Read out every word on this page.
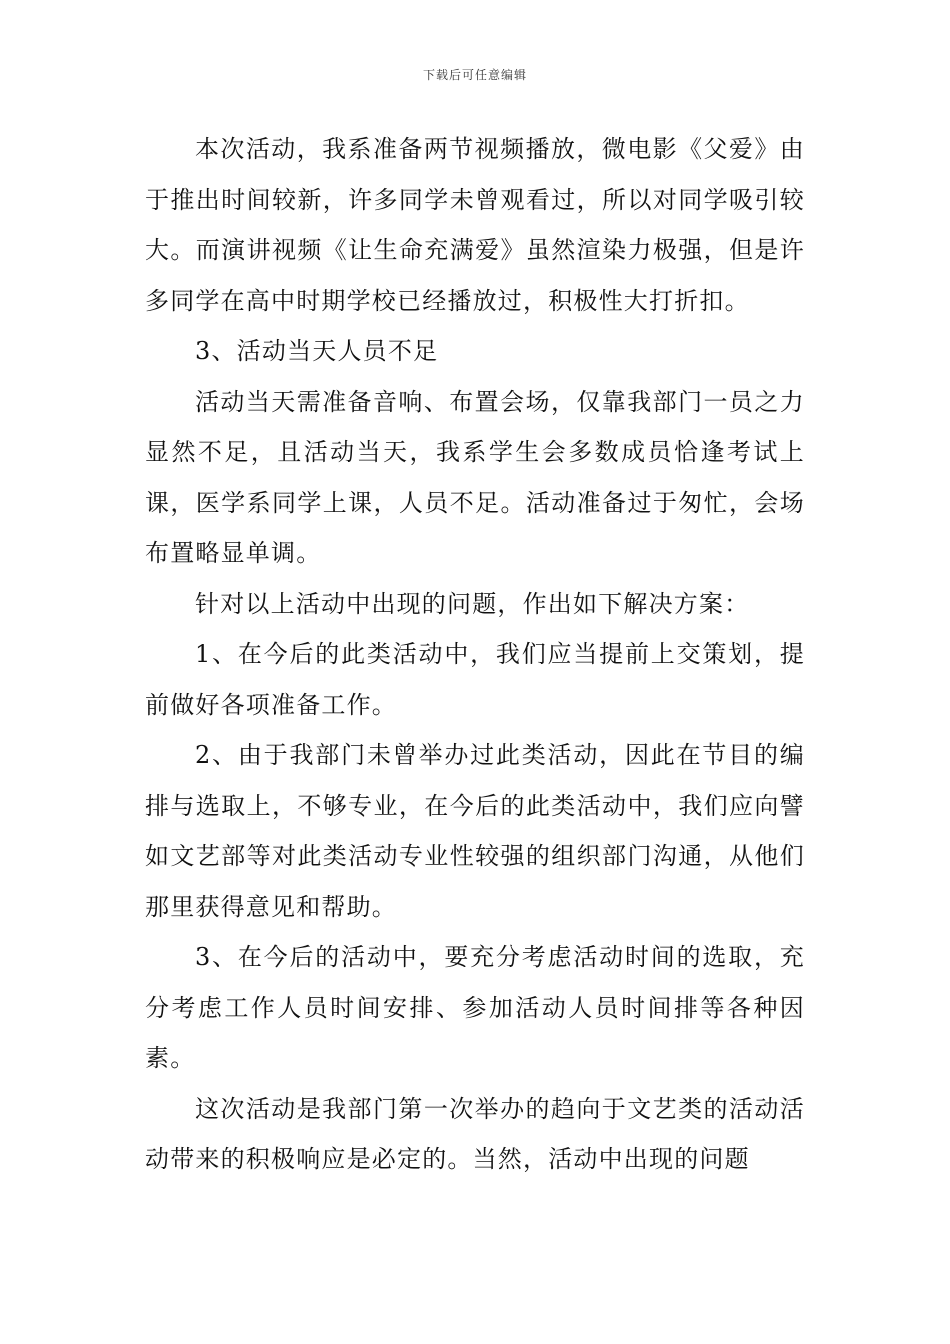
下载后可任意编辑

本次活动，我系准备两节视频播放，微电影《父爱》由于推出时间较新，许多同学未曾观看过，所以对同学吸引较大。而演讲视频《让生命充满爱》虽然渲染力极强，但是许多同学在高中时期学校已经播放过，积极性大打折扣。

3、活动当天人员不足

活动当天需准备音响、布置会场，仅靠我部门一员之力显然不足，且活动当天，我系学生会多数成员恰逢考试上课，医学系同学上课，人员不足。活动准备过于匆忙，会场布置略显单调。

针对以上活动中出现的问题，作出如下解决方案：

1、在今后的此类活动中，我们应当提前上交策划，提前做好各项准备工作。

2、由于我部门未曾举办过此类活动，因此在节目的编排与选取上，不够专业，在今后的此类活动中，我们应向譬如文艺部等对此类活动专业性较强的组织部门沟通，从他们那里获得意见和帮助。

3、在今后的活动中，要充分考虑活动时间的选取，充分考虑工作人员时间安排、参加活动人员时间排等各种因素。

这次活动是我部门第一次举办的趋向于文艺类的活动活动带来的积极响应是必定的。当然，活动中出现的问题
